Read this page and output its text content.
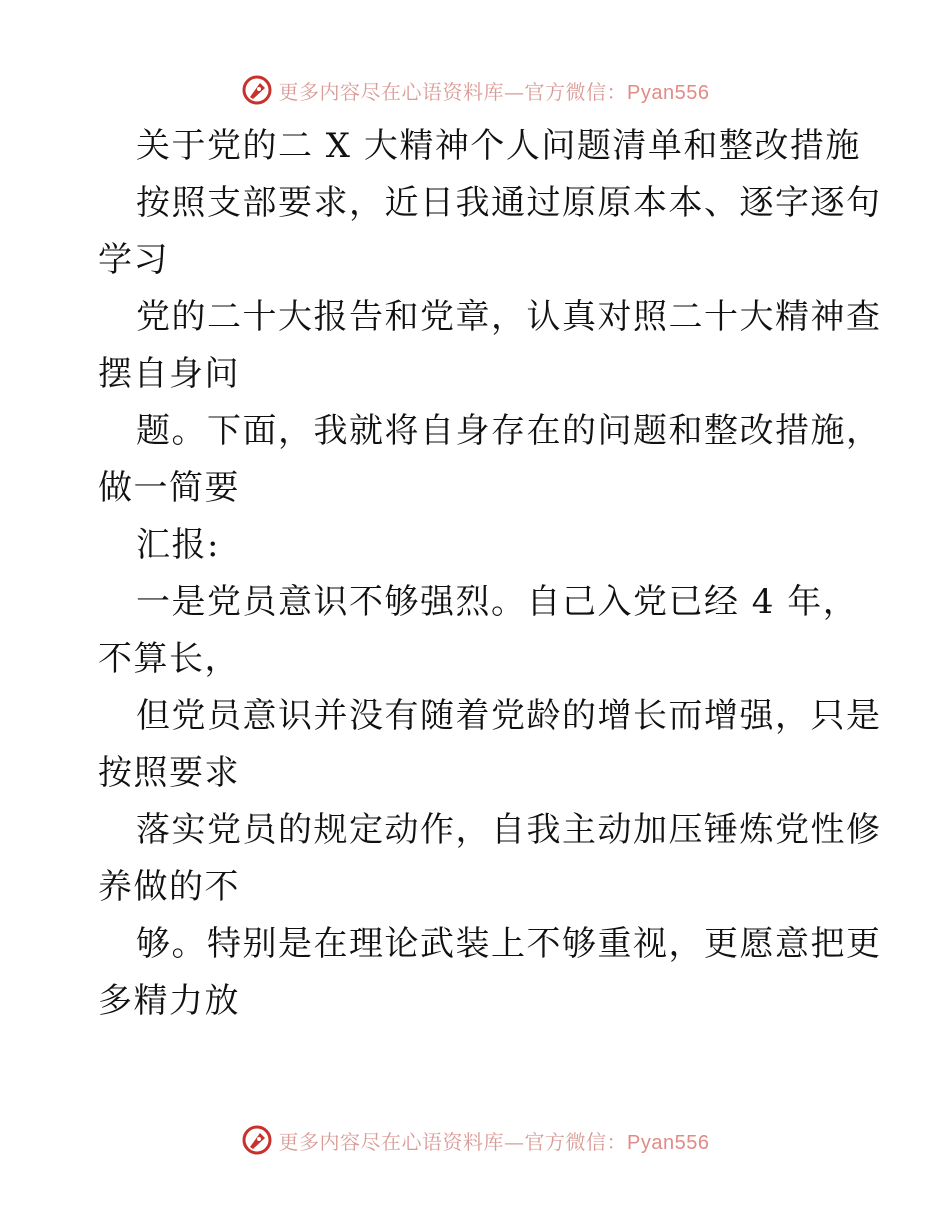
更多内容尽在心语资料库—官方微信：Pyan556
关于党的二 X 大精神个人问题清单和整改措施
按照支部要求，近日我通过原原本本、逐字逐句
学习
党的二十大报告和党章，认真对照二十大精神查
摆自身问
题。下面，我就将自身存在的问题和整改措施，
做一简要
汇报:
一是党员意识不够强烈。自己入党已经 4 年，
不算长，
但党员意识并没有随着党龄的增长而增强，只是
按照要求
落实党员的规定动作，自我主动加压锤炼党性修
养做的不
够。特别是在理论武装上不够重视，更愿意把更
多精力放
更多内容尽在心语资料库—官方微信：Pyan556
